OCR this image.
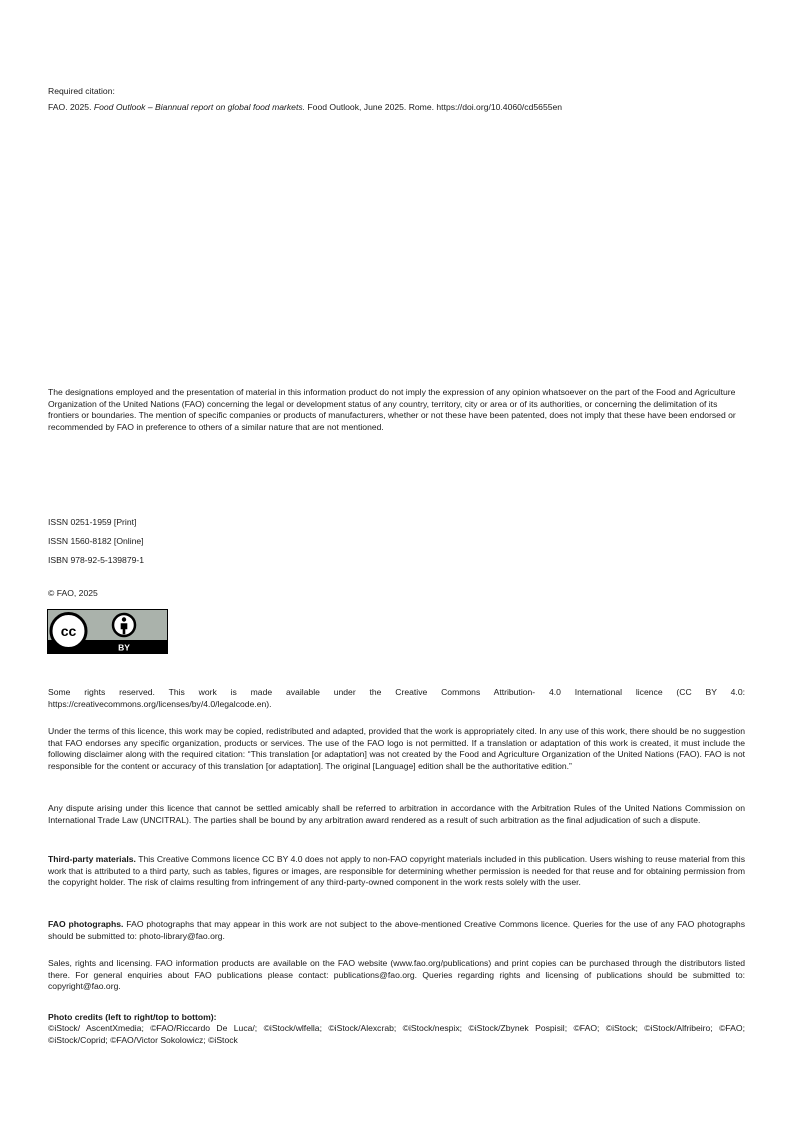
Required citation:

FAO. 2025. Food Outlook – Biannual report on global food markets. Food Outlook, June 2025. Rome. https://doi.org/10.4060/cd5655en

The designations employed and the presentation of material in this information product do not imply the expression of any opinion whatsoever on the part of the Food and Agriculture Organization of the United Nations (FAO) concerning the legal or development status of any country, territory, city or area or of its authorities, or concerning the delimitation of its frontiers or boundaries. The mention of specific companies or products of manufacturers, whether or not these have been patented, does not imply that these have been endorsed or recommended by FAO in preference to others of a similar nature that are not mentioned.

ISSN 0251-1959 [Print]
ISSN 1560-8182 [Online]
ISBN 978-92-5-139879-1

© FAO, 2025

cc
BY

Some rights reserved. This work is made available under the Creative Commons Attribution- 4.0 International licence (CC BY 4.0: https://creativecommons.org/licenses/by/4.0/legalcode.en).

Under the terms of this licence, this work may be copied, redistributed and adapted, provided that the work is appropriately cited. In any use of this work, there should be no suggestion that FAO endorses any specific organization, products or services. The use of the FAO logo is not permitted. If a translation or adaptation of this work is created, it must include the following disclaimer along with the required citation: “This translation [or adaptation] was not created by the Food and Agriculture Organization of the United Nations (FAO). FAO is not responsible for the content or accuracy of this translation [or adaptation]. The original [Language] edition shall be the authoritative edition.”

Any dispute arising under this licence that cannot be settled amicably shall be referred to arbitration in accordance with the Arbitration Rules of the United Nations Commission on International Trade Law (UNCITRAL). The parties shall be bound by any arbitration award rendered as a result of such arbitration as the final adjudication of such a dispute.

Third-party materials. This Creative Commons licence CC BY 4.0 does not apply to non-FAO copyright materials included in this publication. Users wishing to reuse material from this work that is attributed to a third party, such as tables, figures or images, are responsible for determining whether permission is needed for that reuse and for obtaining permission from the copyright holder. The risk of claims resulting from infringement of any third-party-owned component in the work rests solely with the user.

FAO photographs. FAO photographs that may appear in this work are not subject to the above-mentioned Creative Commons licence. Queries for the use of any FAO photographs should be submitted to: photo-library@fao.org.

Sales, rights and licensing. FAO information products are available on the FAO website (www.fao.org/publications) and print copies can be purchased through the distributors listed there. For general enquiries about FAO publications please contact: publications@fao.org. Queries regarding rights and licensing of publications should be submitted to: copyright@fao.org.

Photo credits (left to right/top to bottom):

©iStock/ AscentXmedia; ©FAO/Riccardo De Luca/; ©iStock/wlfella; ©iStock/Alexcrab; ©iStock/nespix; ©iStock/Zbynek Pospisil; ©FAO; ©iStock; ©iStock/Alfribeiro; ©FAO; ©iStock/Coprid; ©FAO/Victor Sokolowicz; ©iStock
